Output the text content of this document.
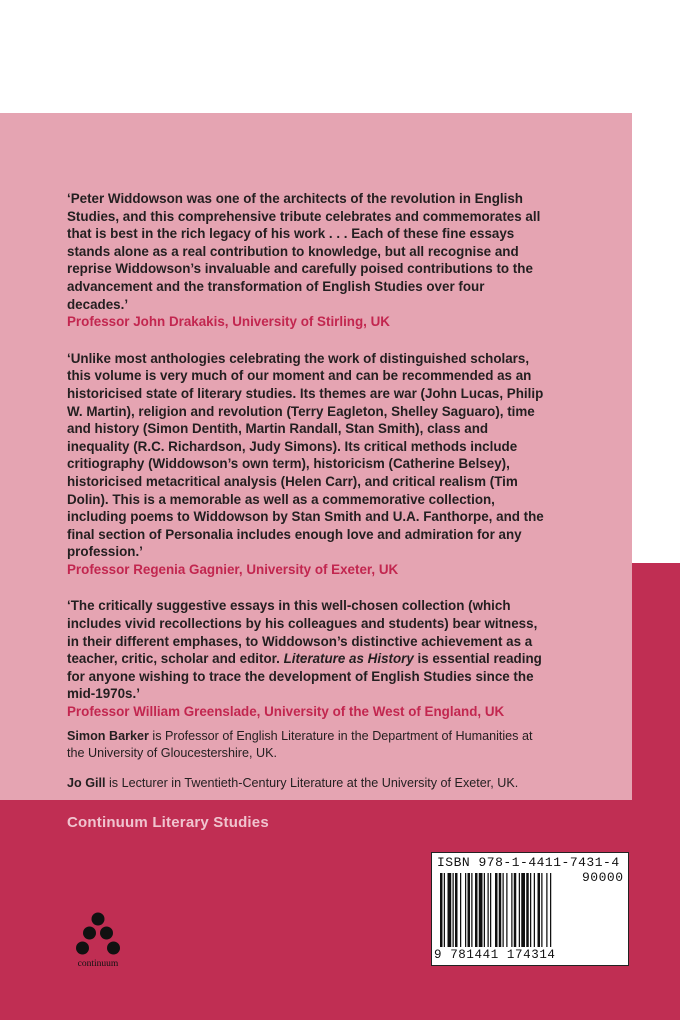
‘Peter Widdowson was one of the architects of the revolution in English Studies, and this comprehensive tribute celebrates and commemorates all that is best in the rich legacy of his work . . . Each of these fine essays stands alone as a real contribution to knowledge, but all recognise and reprise Widdowson’s invaluable and carefully poised contributions to the advancement and the transformation of English Studies over four decades.’

Professor John Drakakis, University of Stirling, UK

‘Unlike most anthologies celebrating the work of distinguished scholars, this volume is very much of our moment and can be recommended as an historicised state of literary studies. Its themes are war (John Lucas, Philip W. Martin), religion and revolution (Terry Eagleton, Shelley Saguaro), time and history (Simon Dentith, Martin Randall, Stan Smith), class and inequality (R.C. Richardson, Judy Simons). Its critical methods include critiography (Widdowson’s own term), historicism (Catherine Belsey), historicised metacritical analysis (Helen Carr), and critical realism (Tim Dolin). This is a memorable as well as a commemorative collection, including poems to Widdowson by Stan Smith and U.A. Fanthorpe, and the final section of Personalia includes enough love and admiration for any profession.’

Professor Regenia Gagnier, University of Exeter, UK

‘The critically suggestive essays in this well-chosen collection (which includes vivid recollections by his colleagues and students) bear witness, in their different emphases, to Widdowson’s distinctive achievement as a teacher, critic, scholar and editor. Literature as History is essential reading for anyone wishing to trace the development of English Studies since the mid-1970s.’

Professor William Greenslade, University of the West of England, UK

Simon Barker is Professor of English Literature in the Department of Humanities at the University of Gloucestershire, UK.

Jo Gill is Lecturer in Twentieth-Century Literature at the University of Exeter, UK.

Continuum Literary Studies
continuum
ISBN 978-1-4411-7431-4
90000
9 781441 174314
